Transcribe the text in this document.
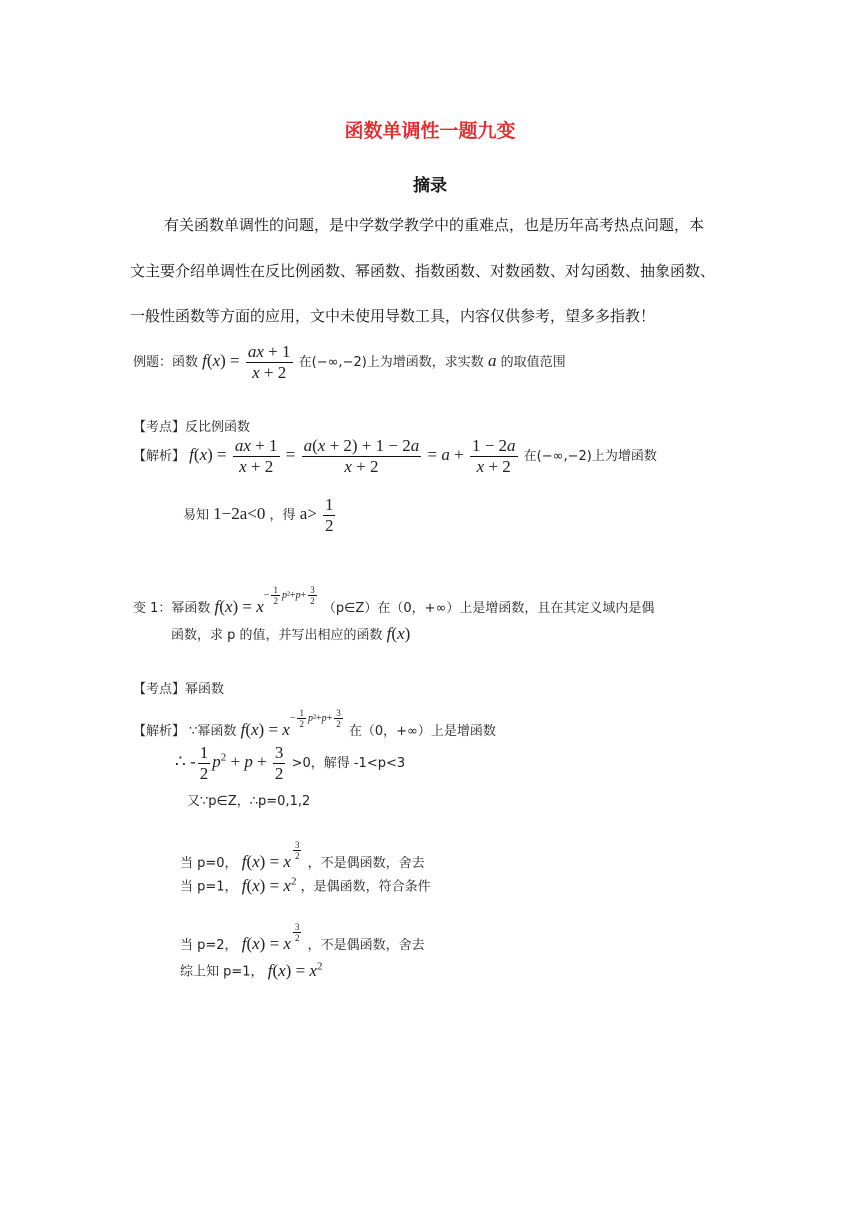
函数单调性一题九变
摘录
有关函数单调性的问题，是中学数学教学中的重难点，也是历年高考热点问题，本
文主要介绍单调性在反比例函数、幂函数、指数函数、对数函数、对勾函数、抽象函数、
一般性函数等方面的应用，文中未使用导数工具，内容仅供参考，望多多指教！
例题：函数 $f(x) = \frac{ax + 1}{x + 2}$ 在(−∞,−2)上为增函数，求实数 a 的取值范围
【考点】反比例函数
【解析】 $f(x) = \frac{ax + 1}{x + 2} = \frac{a(x + 2) + 1 - 2a}{x + 2} = a + \frac{1 - 2a}{x + 2}$ 在(−∞,−2)上为增函数
易知 1−2a<0 ，得 $a> \frac{1}{2}$
变 1：幂函数 $f(x) = x- \frac{1}{2} p^2+p+ \frac{3}{2}$
（p∈Z）在（0，+∞）上是增函数，且在其定义域内是偶
函数，求 p 的值，并写出相应的函数 f(x)
【考点】幂函数
【解析】 ∵幂函数 $f(x) = x- \frac{1}{2} p^2+p+ \frac{3}{2}$
在（0，+∞）上是增函数
∴ - $\frac{1}{2} p^2 + p + \frac{3}{2} >0$，解得 -1<p<3
又∵p∈Z，∴p=0,1,2
当 p=0， f(x) = x $\frac{3}{2}$
，不是偶函数，舍去
当 p=1， $f(x) = x^2$ ，是偶函数，符合条件
当 p=2， f(x) = x $\frac{3}{2}$
，不是偶函数，舍去
综上知 p=1， $f(x) = x^2$
